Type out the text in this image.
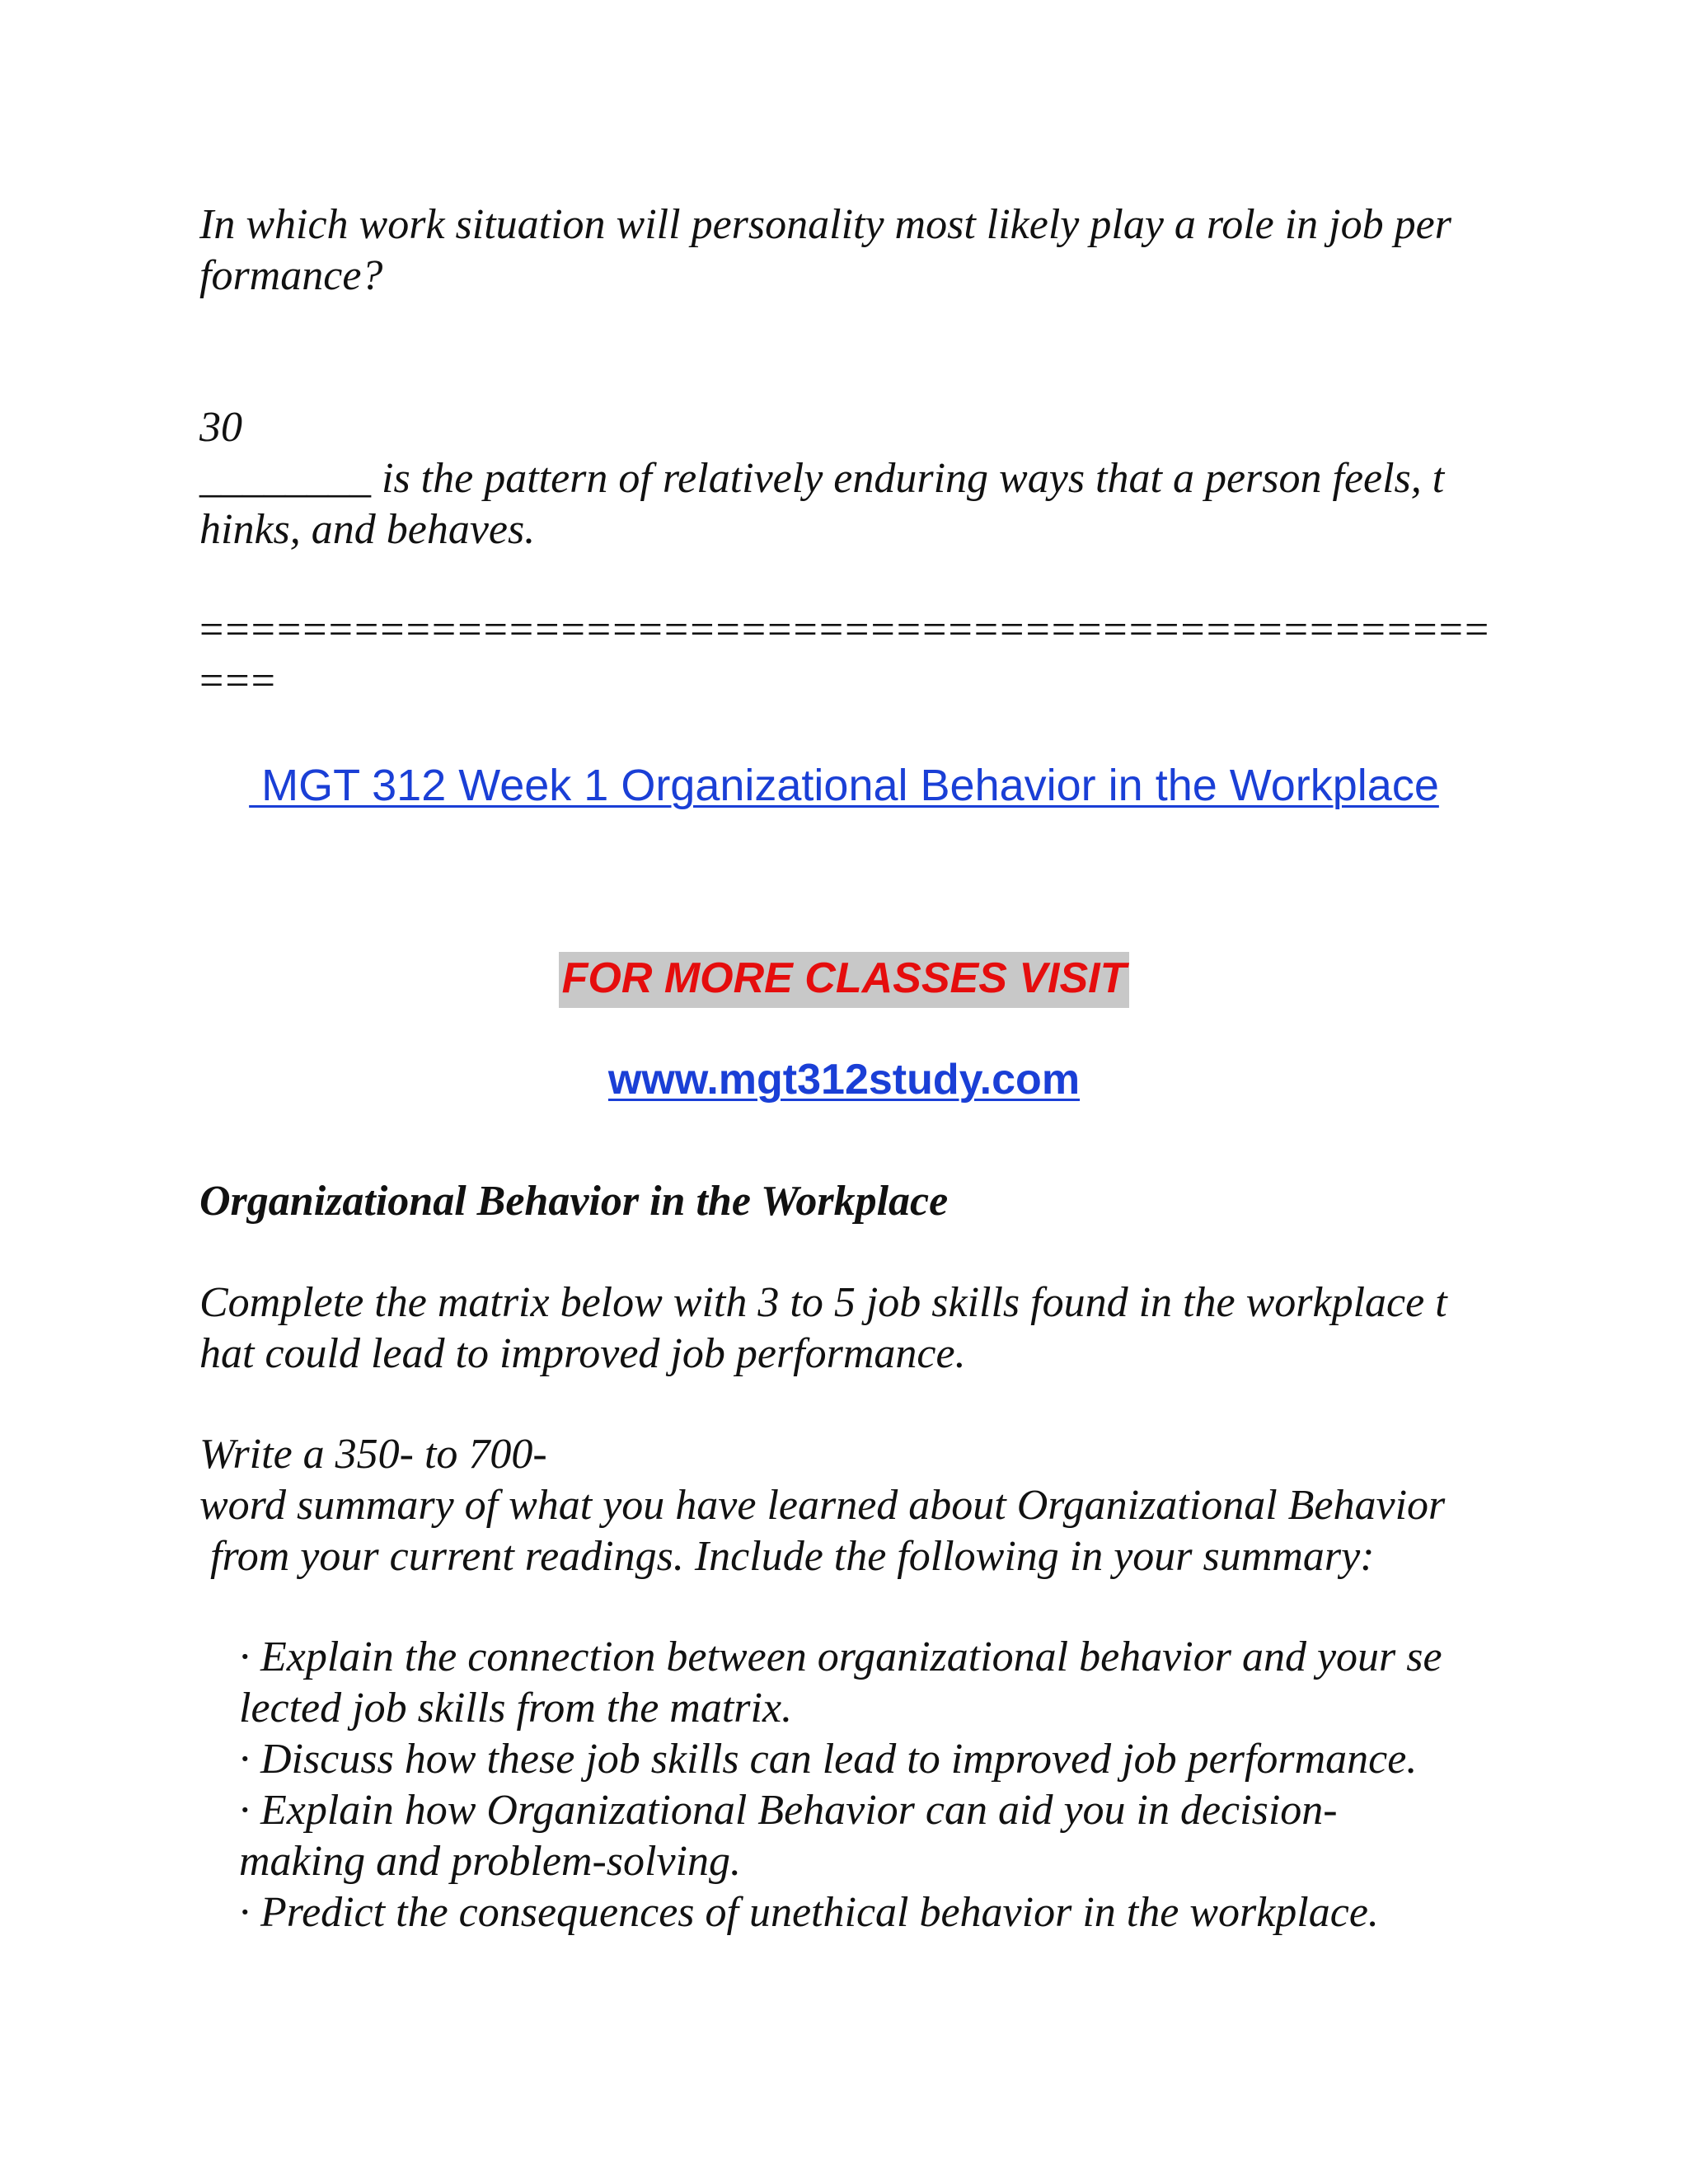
In which work situation will personality most likely play a role in job per

formance?

30

________ is the pattern of relatively enduring ways that a person feels, t

hinks, and behaves.

==================================================

===

MGT 312 Week 1 Organizational Behavior in the Workplace
FOR MORE CLASSES VISIT
www.mgt312study.com

Organizational Behavior in the Workplace

Complete the matrix below with 3 to 5 job skills found in the workplace t

hat could lead to improved job performance.

Write a 350- to 700-

word summary of what you have learned about Organizational Behavior

from your current readings. Include the following in your summary:

· Explain the connection between organizational behavior and your se

lected job skills from the matrix.

· Discuss how these job skills can lead to improved job performance.

· Explain how Organizational Behavior can aid you in decision-

making and problem-solving.

· Predict the consequences of unethical behavior in the workplace.
